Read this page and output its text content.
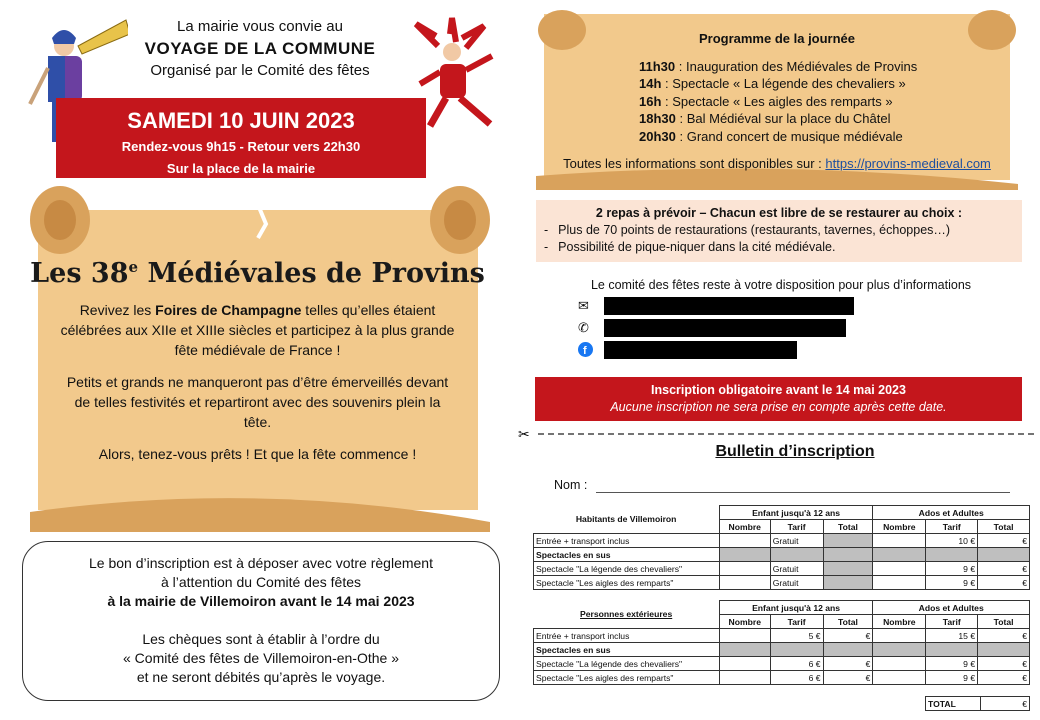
La mairie vous convie au
VOYAGE DE LA COMMUNE
Organisé par le Comité des fêtes
SAMEDI 10 JUIN 2023
Rendez-vous 9h15 - Retour vers 22h30
Sur la place de la mairie
Les 38e Médiévales de Provins

Revivez les Foires de Champagne telles qu’elles étaient célébrées aux XIIe et XIIIe siècles et participez à la plus grande fête médiévale de France !

Petits et grands ne manqueront pas d’être émerveillés devant de telles festivités et repartiront avec des souvenirs plein la tête.

Alors, tenez-vous prêts ! Et que la fête commence !

Le bon d’inscription est à déposer avec votre règlement
à l’attention du Comité des fêtes
à la mairie de Villemoiron avant le 14 mai 2023
Les chèques sont à établir à l’ordre du
« Comité des fêtes de Villemoiron-en-Othe »
et ne seront débités qu’après le voyage.
Programme de la journée
11h30 : Inauguration des Médiévales de Provins
14h : Spectacle « La légende des chevaliers »
16h : Spectacle « Les aigles des remparts »
18h30 : Bal Médiéval sur la place du Châtel
20h30 : Grand concert de musique médiévale
Toutes les informations sont disponibles sur : https://provins-medieval.com
2 repas à prévoir – Chacun est libre de se restaurer au choix :
- Plus de 70 points de restaurations (restaurants, tavernes, échoppes…)
- Possibilité de pique-niquer dans la cité médiévale.
Le comité des fêtes reste à votre disposition pour plus d’informations
✉
✆
f
Inscription obligatoire avant le 14 mai 2023
Aucune inscription ne sera prise en compte après cette date.
✂
Bulletin d’inscription
Nom :
Habitants de Villemoiron	Enfant jusqu'à 12 ans			Ados et Adultes		
	Nombre	Tarif	Total	Nombre	Tarif	Total
Entrée + transport inclus		Gratuit			10 €	€
Spectacles en sus						
Spectacle "La légende des chevaliers"		Gratuit			9 €	€
Spectacle "Les aigles des remparts"		Gratuit			9 €	€
Personnes extérieures	Enfant jusqu'à 12 ans			Ados et Adultes		
	Nombre	Tarif	Total	Nombre	Tarif	Total
Entrée + transport inclus		5 €	€		15 €	€
Spectacles en sus						
Spectacle "La légende des chevaliers"		6 €	€		9 €	€
Spectacle "Les aigles des remparts"		6 €	€		9 €	€
TOTAL	€
